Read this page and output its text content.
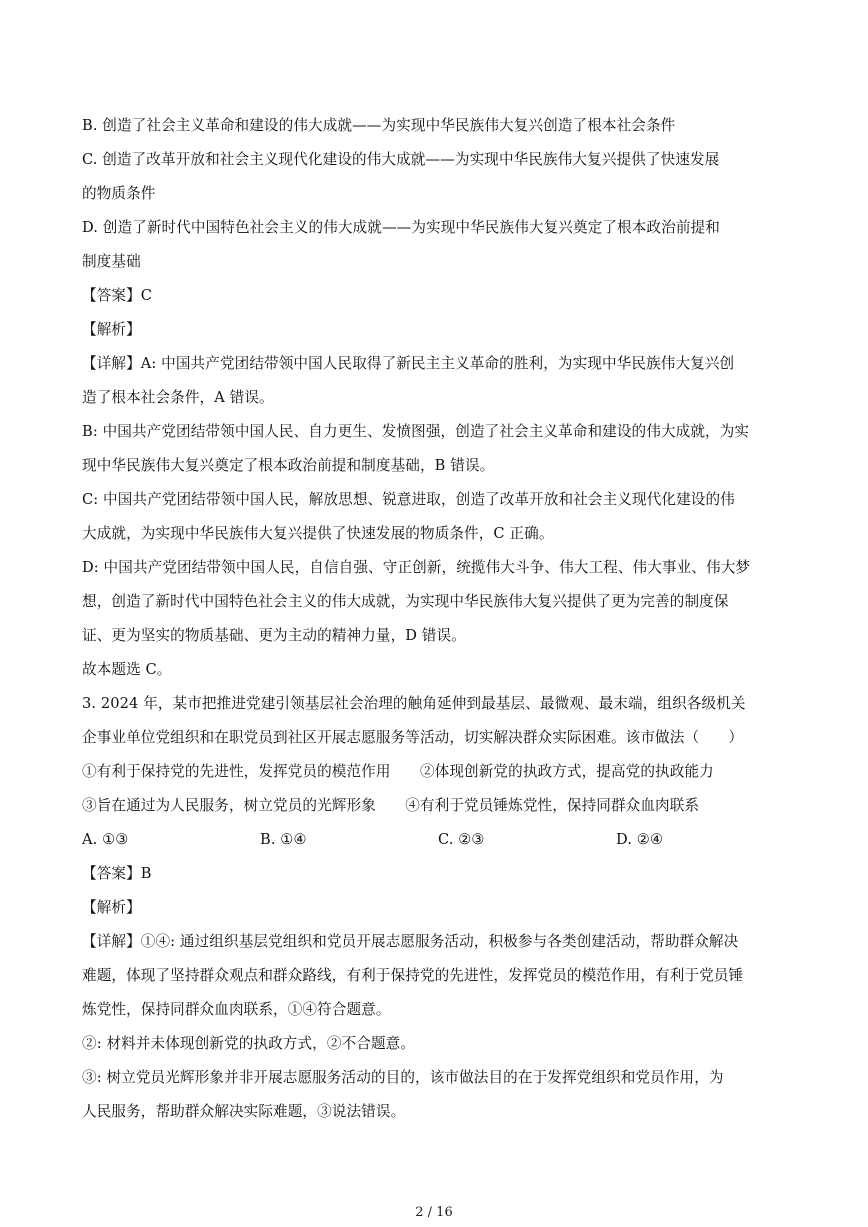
B. 创造了社会主义革命和建设的伟大成就——为实现中华民族伟大复兴创造了根本社会条件
C. 创造了改革开放和社会主义现代化建设的伟大成就——为实现中华民族伟大复兴提供了快速发展
的物质条件
D. 创造了新时代中国特色社会主义的伟大成就——为实现中华民族伟大复兴奠定了根本政治前提和
制度基础
【答案】C
【解析】
【详解】A: 中国共产党团结带领中国人民取得了新民主主义革命的胜利，为实现中华民族伟大复兴创
造了根本社会条件，A 错误。
B: 中国共产党团结带领中国人民、自力更生、发愤图强，创造了社会主义革命和建设的伟大成就，为实
现中华民族伟大复兴奠定了根本政治前提和制度基础，B 错误。
C: 中国共产党团结带领中国人民，解放思想、锐意进取，创造了改革开放和社会主义现代化建设的伟
大成就，为实现中华民族伟大复兴提供了快速发展的物质条件，C 正确。
D: 中国共产党团结带领中国人民，自信自强、守正创新，统揽伟大斗争、伟大工程、伟大事业、伟大梦
想，创造了新时代中国特色社会主义的伟大成就，为实现中华民族伟大复兴提供了更为完善的制度保
证、更为坚实的物质基础、更为主动的精神力量，D 错误。
故本题选 C。
3. 2024 年，某市把推进党建引领基层社会治理的触角延伸到最基层、最微观、最末端，组织各级机关
企事业单位党组织和在职党员到社区开展志愿服务等活动，切实解决群众实际困难。该市做法（　　）
①有利于保持党的先进性，发挥党员的模范作用　　②体现创新党的执政方式，提高党的执政能力
③旨在通过为人民服务，树立党员的光辉形象　　④有利于党员锤炼党性，保持同群众血肉联系
A. ①③	B. ①④	C. ②③	D. ②④
【答案】B
【解析】
【详解】①④: 通过组织基层党组织和党员开展志愿服务活动，积极参与各类创建活动，帮助群众解决
难题，体现了坚持群众观点和群众路线，有利于保持党的先进性，发挥党员的模范作用，有利于党员锤
炼党性，保持同群众血肉联系，①④符合题意。
②: 材料并未体现创新党的执政方式，②不合题意。
③: 树立党员光辉形象并非开展志愿服务活动的目的，该市做法目的在于发挥党组织和党员作用，为
人民服务，帮助群众解决实际难题，③说法错误。
2 / 16
